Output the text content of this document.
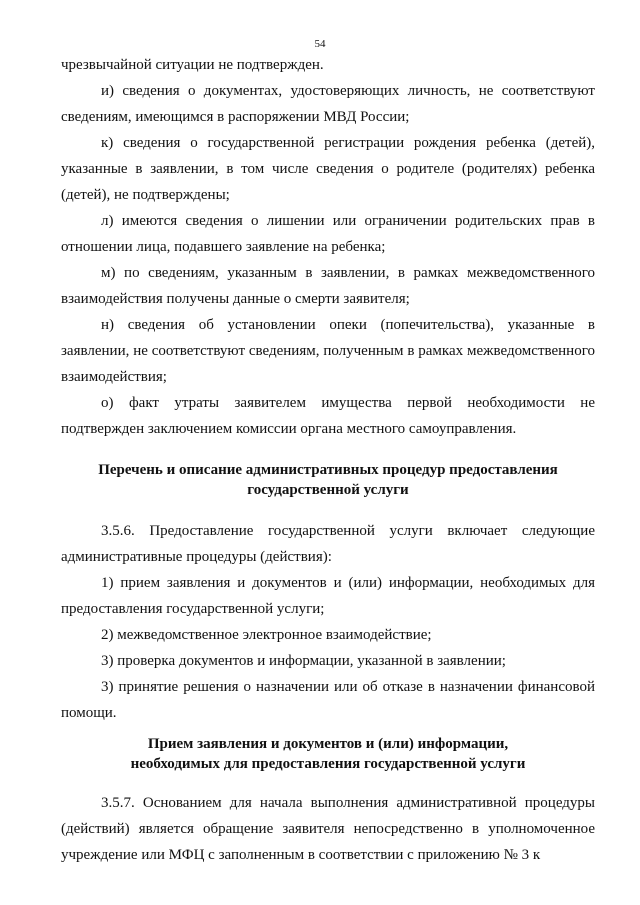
54

чрезвычайной ситуации не подтвержден.

и) сведения о документах, удостоверяющих личность, не соответствуют сведениям, имеющимся в распоряжении МВД России;

к) сведения о государственной регистрации рождения ребенка (детей), указанные в заявлении, в том числе сведения о родителе (родителях) ребенка (детей), не подтверждены;

л) имеются сведения о лишении или ограничении родительских прав в отношении лица, подавшего заявление на ребенка;

м) по сведениям, указанным в заявлении, в рамках межведомственного взаимодействия получены данные о смерти заявителя;

н) сведения об установлении опеки (попечительства), указанные в заявлении, не соответствуют сведениям, полученным в рамках межведомственного взаимодействия;

о) факт утраты заявителем имущества первой необходимости не подтвержден заключением комиссии органа местного самоуправления.

Перечень и описание административных процедур предоставления
государственной услуги

3.5.6. Предоставление государственной услуги включает следующие административные процедуры (действия):

1) прием заявления и документов и (или) информации, необходимых для предоставления государственной услуги;

2) межведомственное электронное взаимодействие;

3) проверка документов и информации, указанной в заявлении;

3) принятие решения о назначении или об отказе в назначении финансовой помощи.

Прием заявления и документов и (или) информации,
необходимых для предоставления государственной услуги

3.5.7. Основанием для начала выполнения административной процедуры (действий) является обращение заявителя непосредственно в уполномоченное учреждение или МФЦ с заполненным в соответствии с приложению № 3 к
